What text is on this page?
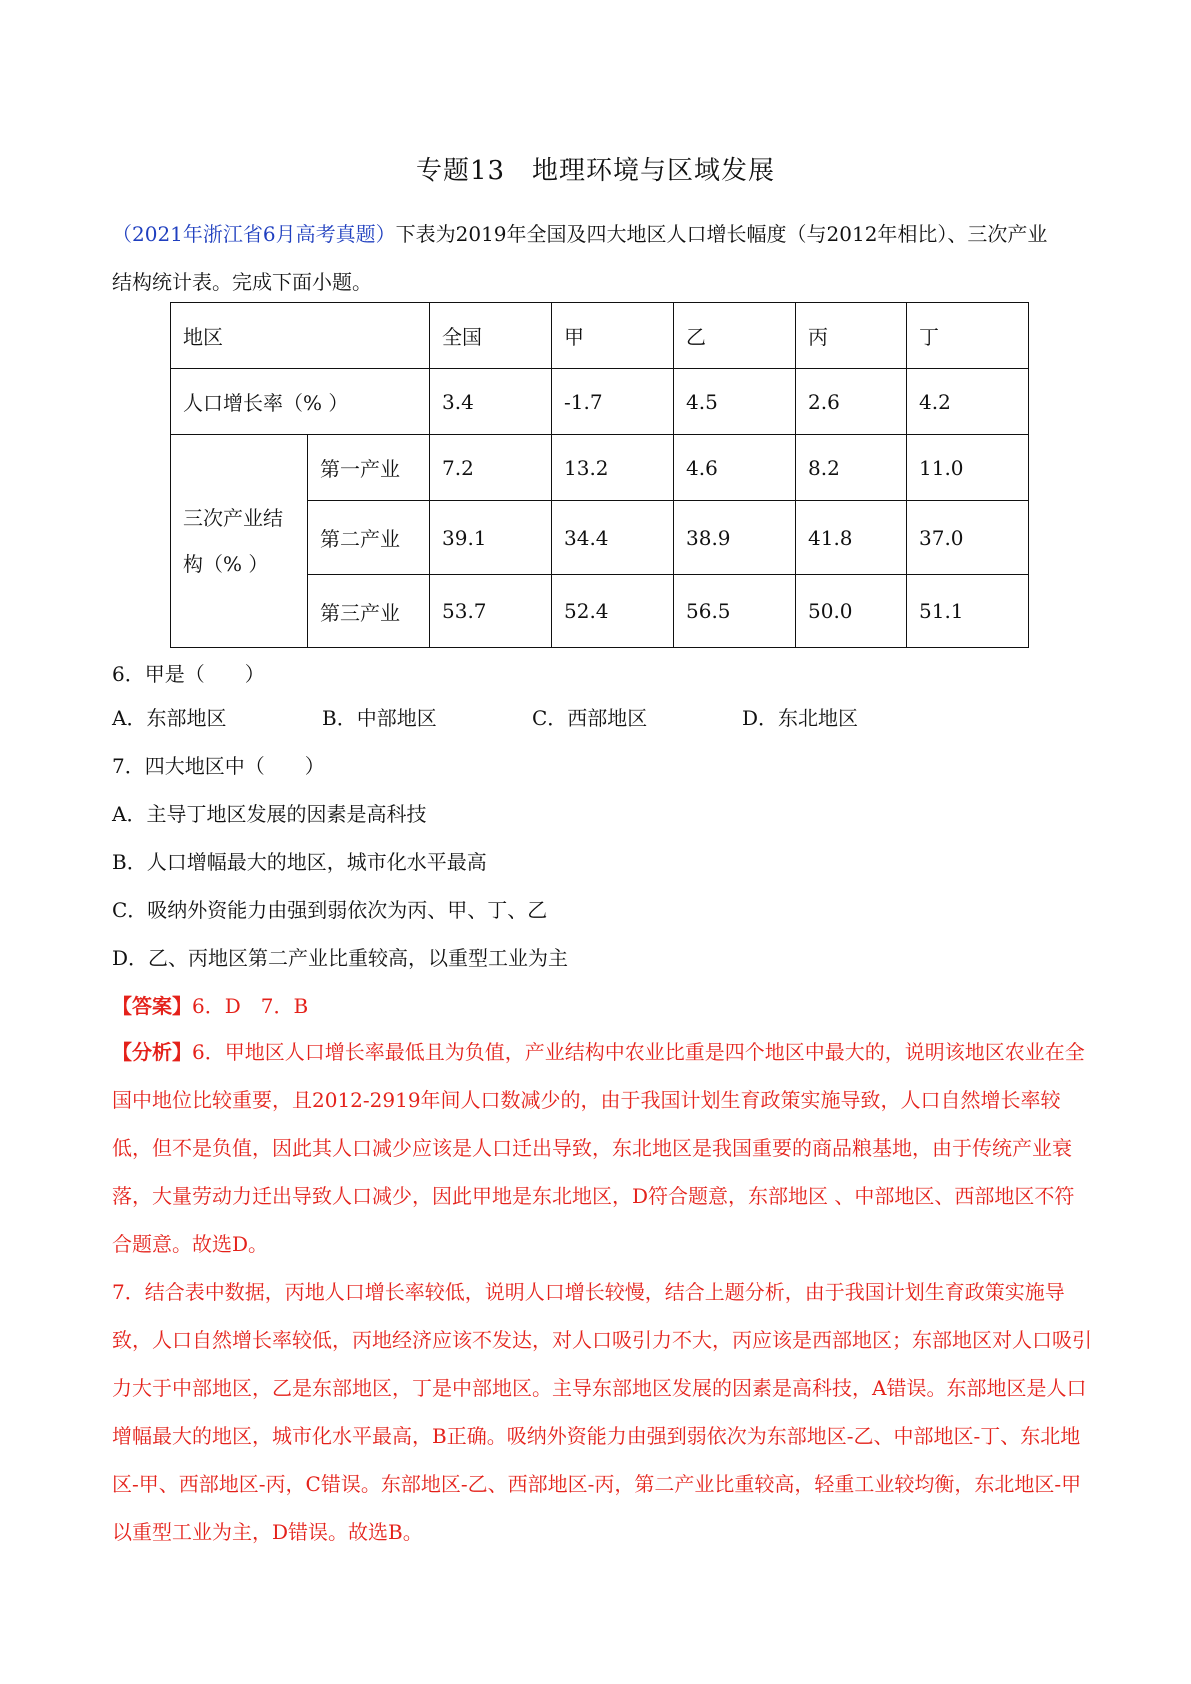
专题13　地理环境与区域发展
（2021年浙江省6月高考真题）下表为2019年全国及四大地区人口增长幅度（与2012年相比）、三次产业
结构统计表。完成下面小题。
地区		全国	甲	乙	丙	丁
人口增长率（% ）		3.4	-1.7	4.5	2.6	4.2
三次产业结
构（% ）	第一产业	7.2	13.2	4.6	8.2	11.0
	第二产业	39.1	34.4	38.9	41.8	37.0
	第三产业	53.7	52.4	56.5	50.0	51.1
6．甲是（　　）
A．东部地区	B．中部地区	C．西部地区	D．东北地区
7．四大地区中（　　）
A．主导丁地区发展的因素是高科技
B．人口增幅最大的地区，城市化水平最高
C．吸纳外资能力由强到弱依次为丙、甲、丁、乙
D．乙、丙地区第二产业比重较高，以重型工业为主
【答案】6．D　7．B
【分析】6．甲地区人口增长率最低且为负值，产业结构中农业比重是四个地区中最大的，说明该地区农业在全国中地位比较重要，且2012-2919年间人口数减少的，由于我国计划生育政策实施导致，人口自然增长率较低，但不是负值，因此其人口减少应该是人口迁出导致，东北地区是我国重要的商品粮基地，由于传统产业衰落，大量劳动力迁出导致人口减少，因此甲地是东北地区，D符合题意，东部地区 、中部地区、西部地区不符合题意。故选D。
7．结合表中数据，丙地人口增长率较低，说明人口增长较慢，结合上题分析，由于我国计划生育政策实施导致，人口自然增长率较低，丙地经济应该不发达，对人口吸引力不大，丙应该是西部地区；东部地区对人口吸引力大于中部地区，乙是东部地区，丁是中部地区。主导东部地区发展的因素是高科技，A错误。东部地区是人口增幅最大的地区，城市化水平最高，B正确。吸纳外资能力由强到弱依次为东部地区-乙、中部地区-丁、东北地区-甲、西部地区-丙，C错误。东部地区-乙、西部地区-丙，第二产业比重较高，轻重工业较均衡，东北地区-甲以重型工业为主，D错误。故选B。
